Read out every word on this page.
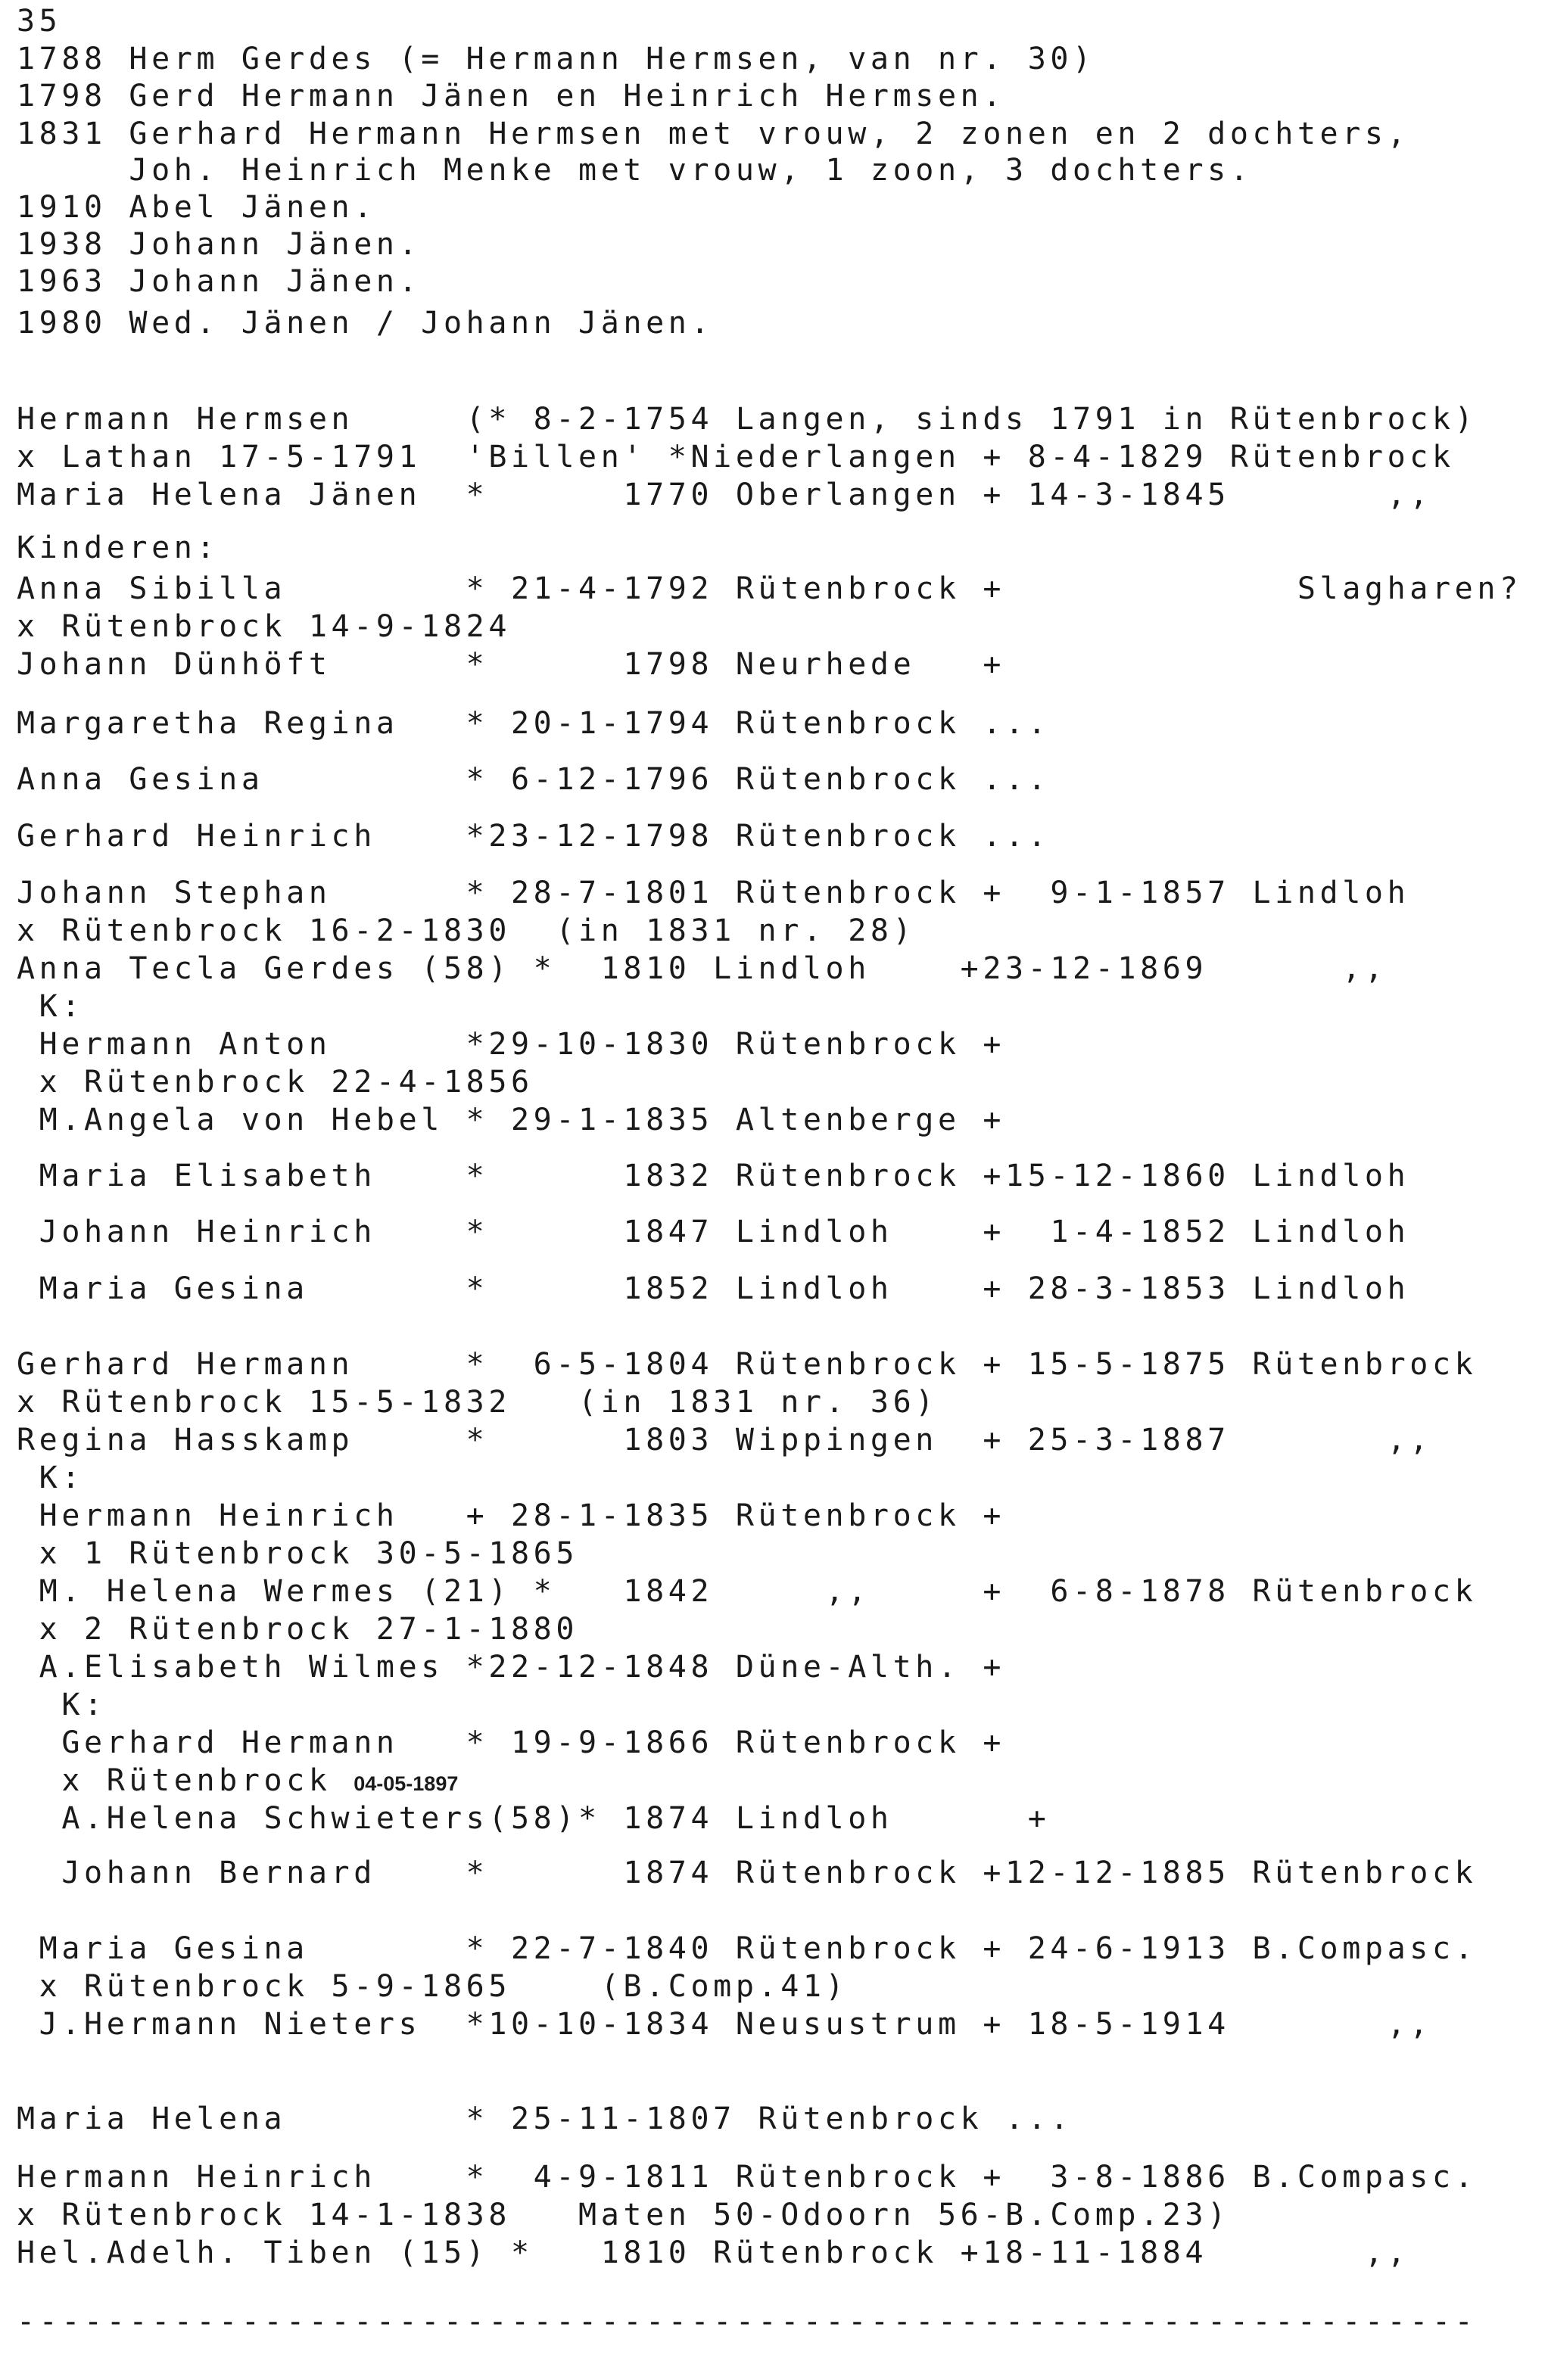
35
1788 Herm Gerdes (= Hermann Hermsen, van nr. 30)
1798 Gerd Hermann Jänen en Heinrich Hermsen.
1831 Gerhard Hermann Hermsen met vrouw, 2 zonen en 2 dochters,
Joh. Heinrich Menke met vrouw, 1 zoon, 3 dochters.
1910 Abel Jänen.
1938 Johann Jänen.
1963 Johann Jänen.
1980 Wed. Jänen / Johann Jänen.
Hermann Hermsen     (* 8-2-1754 Langen, sinds 1791 in Rütenbrock)
x Lathan 17-5-1791  'Billen' *Niederlangen + 8-4-1829 Rütenbrock
Maria Helena Jänen  *      1770 Oberlangen + 14-3-1845       ,,
Kinderen:
Anna Sibilla        * 21-4-1792 Rütenbrock +             Slagharen?
x Rütenbrock 14-9-1824
Johann Dünhöft      *      1798 Neurhede   +
Margaretha Regina   * 20-1-1794 Rütenbrock ...
Anna Gesina         * 6-12-1796 Rütenbrock ...
Gerhard Heinrich    *23-12-1798 Rütenbrock ...
Johann Stephan      * 28-7-1801 Rütenbrock +  9-1-1857 Lindloh
x Rütenbrock 16-2-1830  (in 1831 nr. 28)
Anna Tecla Gerdes (58) *  1810 Lindloh    +23-12-1869      ,,
K:
Hermann Anton      *29-10-1830 Rütenbrock +
x Rütenbrock 22-4-1856
M.Angela von Hebel * 29-1-1835 Altenberge +
Maria Elisabeth    *      1832 Rütenbrock +15-12-1860 Lindloh
Johann Heinrich    *      1847 Lindloh    +  1-4-1852 Lindloh
Maria Gesina       *      1852 Lindloh    + 28-3-1853 Lindloh
Gerhard Hermann     *  6-5-1804 Rütenbrock + 15-5-1875 Rütenbrock
x Rütenbrock 15-5-1832   (in 1831 nr. 36)
Regina Hasskamp     *      1803 Wippingen  + 25-3-1887       ,,
K:
Hermann Heinrich   + 28-1-1835 Rütenbrock +
x 1 Rütenbrock 30-5-1865
M. Helena Wermes (21) *   1842     ,,     +  6-8-1878 Rütenbrock
x 2 Rütenbrock 27-1-1880
A.Elisabeth Wilmes *22-12-1848 Düne-Alth. +
K:
Gerhard Hermann   * 19-9-1866 Rütenbrock +
x Rütenbrock 04-05-1897
A.Helena Schwieters(58)* 1874 Lindloh      +
Johann Bernard    *      1874 Rütenbrock +12-12-1885 Rütenbrock
Maria Gesina       * 22-7-1840 Rütenbrock + 24-6-1913 B.Compasc.
x Rütenbrock 5-9-1865    (B.Comp.41)
J.Hermann Nieters  *10-10-1834 Neusustrum + 18-5-1914       ,,
Maria Helena        * 25-11-1807 Rütenbrock ...
Hermann Heinrich    *  4-9-1811 Rütenbrock +  3-8-1886 B.Compasc.
x Rütenbrock 14-1-1838   Maten 50-Odoorn 56-B.Comp.23)
Hel.Adelh. Tiben (15) *   1810 Rütenbrock +18-11-1884       ,,
-----------------------------------------------------------------
